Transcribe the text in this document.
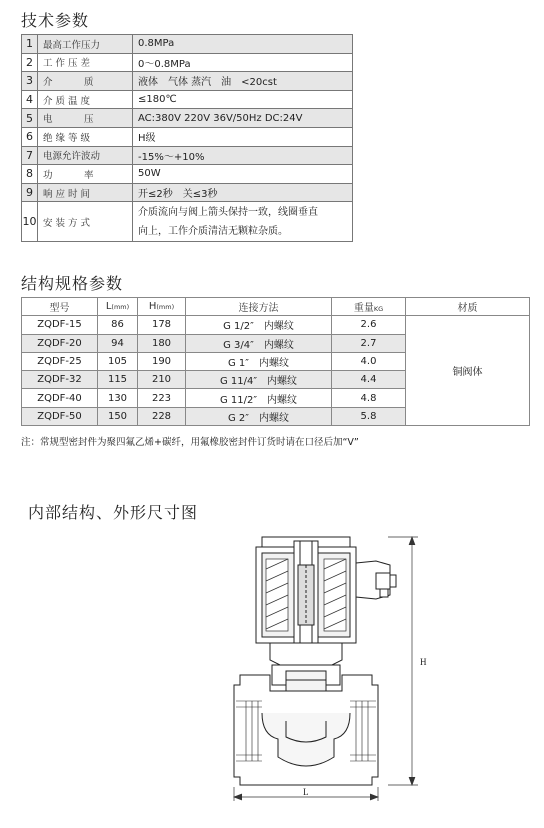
技术参数
1	最高工作压力	0.8MPa
2	工 作 压 差	0～0.8MPa
3	介　　　 质	液体　气体 蒸汽　油　<20cst
4	介 质 温 度	≤180℃
5	电　　　 压	AC:380V 220V 36V/50Hz DC:24V
6	绝 缘 等 级	H级
7	电源允许波动	-15%～+10%
8	功　　　 率	50W
9	响 应 时 间	开≤2秒　关≤3秒
10	安 装 方 式	介质流向与阀上箭头保持一致，线圈垂直
向上，工作介质清洁无颗粒杂质。
结构规格参数
型号	L(mm)	H(mm)	连接方法	重量KG	材质
ZQDF-15	86	178	G 1/2″　内螺纹	2.6	铜阀体
ZQDF-20	94	180	G 3/4″　内螺纹	2.7	
ZQDF-25	105	190	G 1″　内螺纹	4.0	
ZQDF-32	115	210	G 11/4″　内螺纹	4.4	
ZQDF-40	130	223	G 11/2″　内螺纹	4.8	
ZQDF-50	150	228	G 2″　内螺纹	5.8	
注：常规型密封件为聚四氟乙烯+碳纤，用氟橡胶密封件订货时请在口径后加“V”
内部结构、外形尺寸图
H
L
